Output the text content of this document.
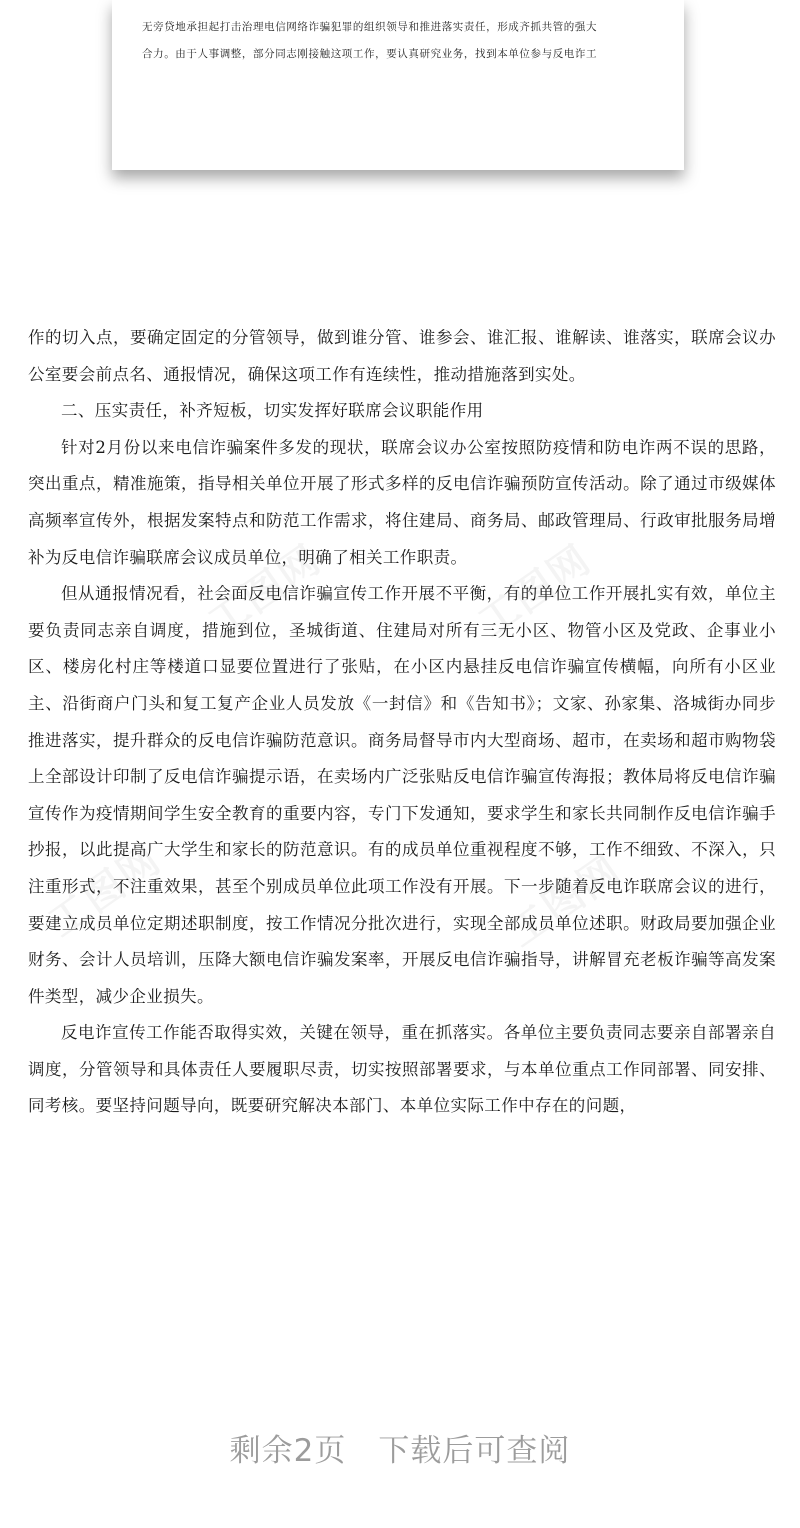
无旁贷地承担起打击治理电信网络诈骗犯罪的组织领导和推进落实责任，形成齐抓共管的强大

合力。由于人事调整，部分同志刚接触这项工作，要认真研究业务，找到本单位参与反电诈工

作的切入点，要确定固定的分管领导，做到谁分管、谁参会、谁汇报、谁解读、谁落实，联席会议办公室要会前点名、通报情况，确保这项工作有连续性，推动措施落到实处。

二、压实责任，补齐短板，切实发挥好联席会议职能作用

针对2月份以来电信诈骗案件多发的现状，联席会议办公室按照防疫情和防电诈两不误的思路，突出重点，精准施策，指导相关单位开展了形式多样的反电信诈骗预防宣传活动。除了通过市级媒体高频率宣传外，根据发案特点和防范工作需求，将住建局、商务局、邮政管理局、行政审批服务局增补为反电信诈骗联席会议成员单位，明确了相关工作职责。

但从通报情况看，社会面反电信诈骗宣传工作开展不平衡，有的单位工作开展扎实有效，单位主要负责同志亲自调度，措施到位，圣城街道、住建局对所有三无小区、物管小区及党政、企事业小区、楼房化村庄等楼道口显要位置进行了张贴，在小区内悬挂反电信诈骗宣传横幅，向所有小区业主、沿街商户门头和复工复产企业人员发放《一封信》和《告知书》；文家、孙家集、洛城街办同步推进落实，提升群众的反电信诈骗防范意识。商务局督导市内大型商场、超市，在卖场和超市购物袋上全部设计印制了反电信诈骗提示语，在卖场内广泛张贴反电信诈骗宣传海报；教体局将反电信诈骗宣传作为疫情期间学生安全教育的重要内容，专门下发通知，要求学生和家长共同制作反电信诈骗手抄报，以此提高广大学生和家长的防范意识。有的成员单位重视程度不够，工作不细致、不深入，只注重形式，不注重效果，甚至个别成员单位此项工作没有开展。下一步随着反电诈联席会议的进行，要建立成员单位定期述职制度，按工作情况分批次进行，实现全部成员单位述职。财政局要加强企业财务、会计人员培训，压降大额电信诈骗发案率，开展反电信诈骗指导，讲解冒充老板诈骗等高发案件类型，减少企业损失。

反电诈宣传工作能否取得实效，关键在领导，重在抓落实。各单位主要负责同志要亲自部署亲自调度，分管领导和具体责任人要履职尽责，切实按照部署要求，与本单位重点工作同部署、同安排、同考核。要坚持问题导向，既要研究解决本部门、本单位实际工作中存在的问题，

剩余2页 下载后可查阅
